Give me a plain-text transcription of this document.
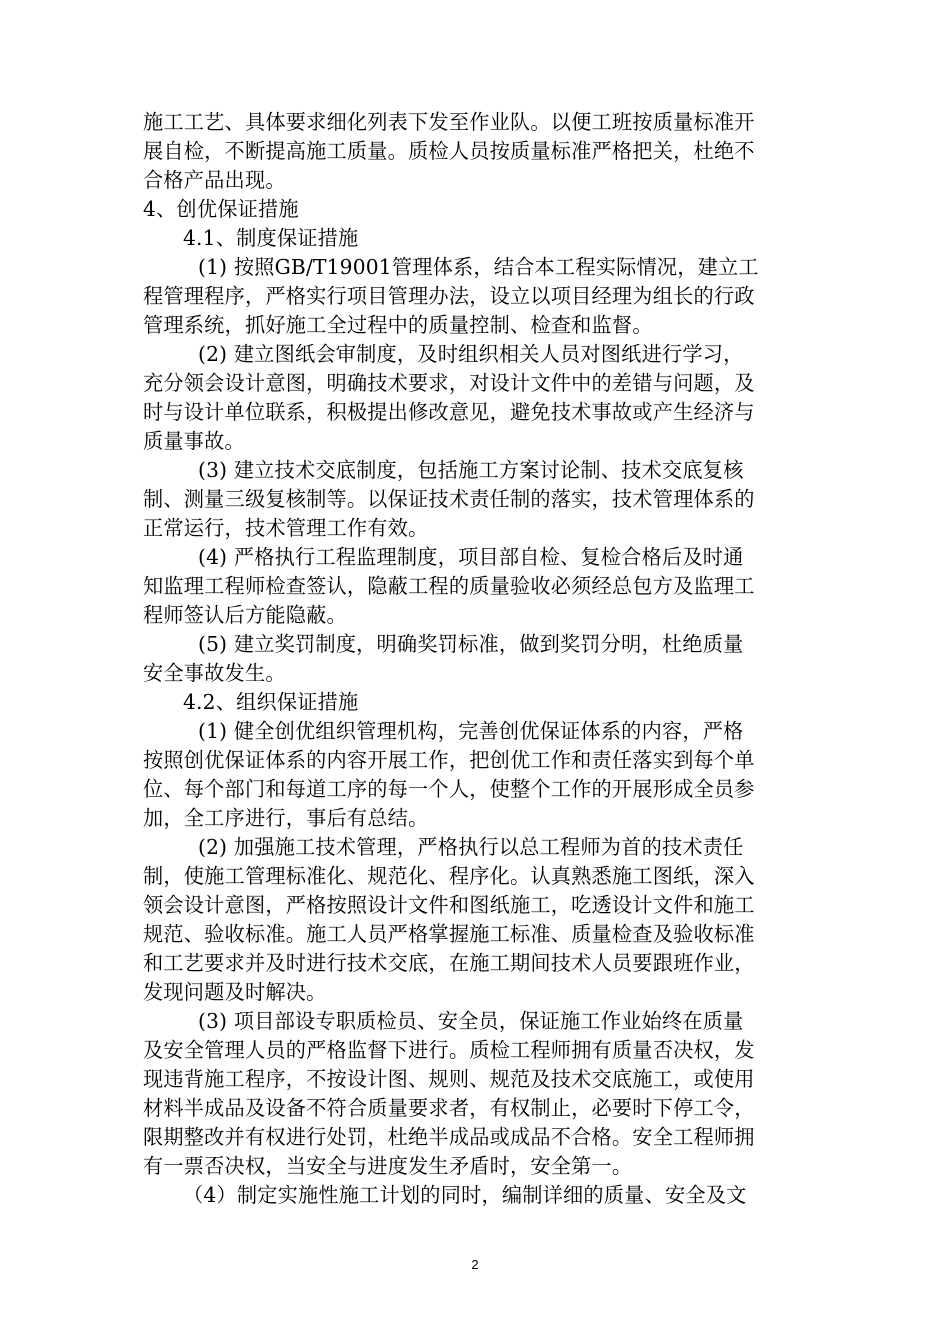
施工工艺、具体要求细化列表下发至作业队。以便工班按质量标准开
展自检，不断提高施工质量。质检人员按质量标准严格把关，杜绝不
合格产品出现。
4、创优保证措施
4.1、制度保证措施
(1) 按照GB/T19001管理体系，结合本工程实际情况，建立工
程管理程序，严格实行项目管理办法，设立以项目经理为组长的行政
管理系统，抓好施工全过程中的质量控制、检查和监督。
(2) 建立图纸会审制度，及时组织相关人员对图纸进行学习，
充分领会设计意图，明确技术要求，对设计文件中的差错与问题，及
时与设计单位联系，积极提出修改意见，避免技术事故或产生经济与
质量事故。
(3) 建立技术交底制度，包括施工方案讨论制、技术交底复核
制、测量三级复核制等。以保证技术责任制的落实，技术管理体系的
正常运行，技术管理工作有效。
(4) 严格执行工程监理制度，项目部自检、复检合格后及时通
知监理工程师检查签认，隐蔽工程的质量验收必须经总包方及监理工
程师签认后方能隐蔽。
(5) 建立奖罚制度，明确奖罚标准，做到奖罚分明，杜绝质量
安全事故发生。
4.2、组织保证措施
(1) 健全创优组织管理机构，完善创优保证体系的内容，严格
按照创优保证体系的内容开展工作，把创优工作和责任落实到每个单
位、每个部门和每道工序的每一个人，使整个工作的开展形成全员参
加，全工序进行，事后有总结。
(2) 加强施工技术管理，严格执行以总工程师为首的技术责任
制，使施工管理标准化、规范化、程序化。认真熟悉施工图纸，深入
领会设计意图，严格按照设计文件和图纸施工，吃透设计文件和施工
规范、验收标准。施工人员严格掌握施工标准、质量检查及验收标准
和工艺要求并及时进行技术交底，在施工期间技术人员要跟班作业，
发现问题及时解决。
(3) 项目部设专职质检员、安全员，保证施工作业始终在质量
及安全管理人员的严格监督下进行。质检工程师拥有质量否决权，发
现违背施工程序，不按设计图、规则、规范及技术交底施工，或使用
材料半成品及设备不符合质量要求者，有权制止，必要时下停工令，
限期整改并有权进行处罚，杜绝半成品或成品不合格。安全工程师拥
有一票否决权，当安全与进度发生矛盾时，安全第一。
（4）制定实施性施工计划的同时，编制详细的质量、安全及文
2
